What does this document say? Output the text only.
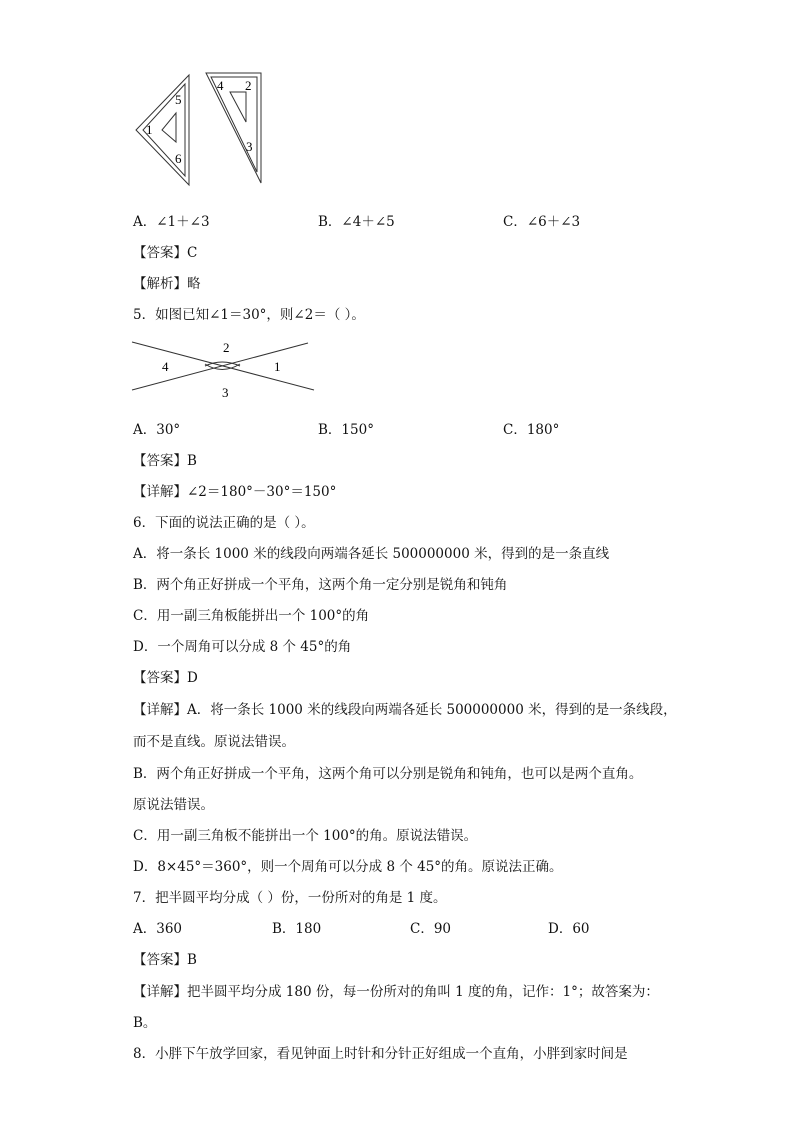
5
1
6
4 2
3
A．∠1＋∠3	B．∠4＋∠5	C．∠6＋∠3
【答案】C
【解析】略
5．如图已知∠1＝30°，则∠2＝（ ）。
2
4	1
3
A．30°	B．150°	C．180°
【答案】B
【详解】∠2＝180°－30°＝150°
6．下面的说法正确的是（ ）。
A．将一条长 1000 米的线段向两端各延长 500000000 米，得到的是一条直线
B．两个角正好拼成一个平角，这两个角一定分别是锐角和钝角
C．用一副三角板能拼出一个 100°的角
D．一个周角可以分成 8 个 45°的角
【答案】D
【详解】A．将一条长 1000 米的线段向两端各延长 500000000 米，得到的是一条线段，
而不是直线。原说法错误。
B．两个角正好拼成一个平角，这两个角可以分别是锐角和钝角，也可以是两个直角。
原说法错误。
C．用一副三角板不能拼出一个 100°的角。原说法错误。
D．8×45°＝360°，则一个周角可以分成 8 个 45°的角。原说法正确。
7．把半圆平均分成（ ）份，一份所对的角是 1 度。
A．360	B．180	C．90	D．60
【答案】B
【详解】把半圆平均分成 180 份，每一份所对的角叫 1 度的角，记作：1°；故答案为：
B。
8．小胖下午放学回家，看见钟面上时针和分针正好组成一个直角，小胖到家时间是
